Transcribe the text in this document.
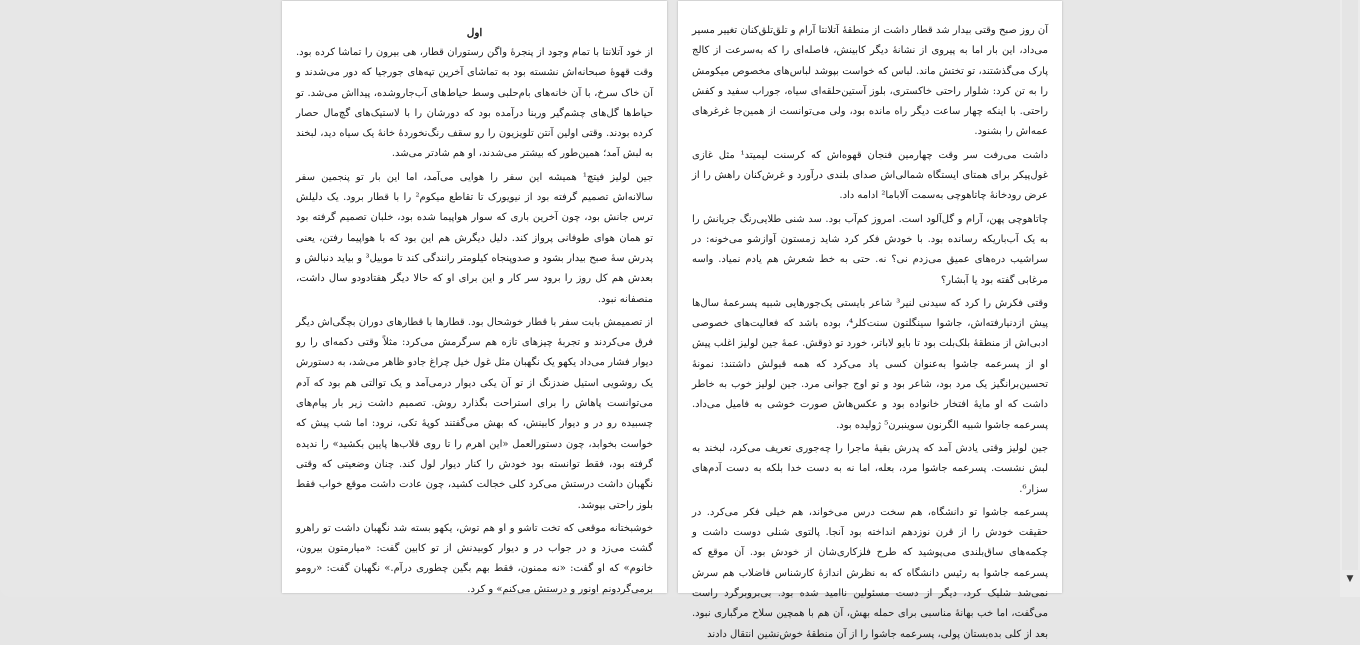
اول

از خود آتلانتا با تمام وجود از پنجرهٔ واگن رستوران قطار، هی بیرون را تماشا کرده بود. وقت قهوهٔ صبحانه‌اش نشسته بود به تماشای آخرین تپه‌های جورجیا که دور می‌شدند و آن خاک سرخ، با آن خانه‌های بام‌حلبی وسط حیاط‌های آب‌جارو‌شده، پیدااش می‌شد. تو حیاط‌ها گل‌های چشم‌گیر وربنا درآمده بود که دورشان را با لاستیک‌های گچ‌مال حصار کرده بودند. وقتی اولین آنتن تلویزیون را رو سقف رنگ‌نخوردهٔ خانهٔ یک سیاه دید، لبخند به لبش آمد؛ همین‌طور که بیشتر می‌شدند، او هم شادتر می‌شد.

جین لولیز فیتچ¹ همیشه این سفر را هوایی می‌آمد، اما این بار تو پنجمین سفر سالانه‌اش تصمیم گرفته بود از نیویورک تا تقاطع میکوم² را با قطار برود. یک دلیلش ترس جانش بود، چون آخرین باری که سوار هواپیما شده بود، خلبان تصمیم گرفته بود تو همان هوای طوفانی پرواز کند. دلیل دیگرش هم این بود که با هواپیما رفتن، یعنی پدرش سهٔ صبح بیدار بشود و صدوپنجاه کیلومتر رانندگی کند تا موبیل³ و بیاید دنبالش و بعدش هم کل روز را برود سر کار و این برای او که حالا دیگر هفتادودو سال داشت، منصفانه نبود.

از تصمیمش بابت سفر با قطار خوشحال بود. قطارها با قطارهای دوران بچگی‌اش دیگر فرق می‌کردند و تجربهٔ چیزهای تازه هم سرگرمش می‌کرد: مثلاً وقتی دکمه‌ای را رو دیوار فشار می‌داد یکهو یک نگهبان مثل غول خیل چراغ جادو ظاهر می‌شد، به دستورش یک روشویی استیل ضدزنگ از تو آن یکی دیوار درمی‌آمد و یک توالتی هم بود که آدم می‌توانست پاهاش را برای استراحت بگذارد روش. تصمیم داشت زیر بار پیام‌های چسبیده رو در و دیوار کابینش، که بهش می‌گفتند کوپهٔ تکی، نرود: اما شب پیش که خواست بخوابد، چون دستورالعمل «این اهرم را تا روی قلاب‌ها پایین بکشید» را ندیده گرفته بود، فقط توانسته بود خودش را کنار دیوار لول کند. چنان وضعیتی که وقتی نگهبان داشت درستش می‌کرد کلی خجالت کشید، چون عادت داشت موقع خواب فقط بلوز راحتی بپوشد.

خوشبختانه موقعی که تخت تاشو و او هم توش، یکهو بسته شد نگهبان داشت تو راهرو گشت می‌زد و در جواب در و دیوار کوبیدنش از تو کابین گفت: «میارمتون بیرون، خانوم» که او گفت: «نه ممنون، فقط بهم بگین چطوری درآم.» نگهبان گفت: «رومو برمی‌گردونم اونور و درستش می‌کنم» و کرد.

آن روز صبح وقتی بیدار شد قطار داشت از منطقهٔ آتلانتا آرام و تلق‌تلق‌کنان تغییر مسیر می‌داد، این بار اما به پیروی از نشانهٔ دیگر کابینش، فاصله‌ای را که به‌سرعت از کالج پارک می‌گذشتند، تو تختش ماند. لباس که خواست بپوشد لباس‌های مخصوص میکومش را به تن کرد: شلوار راحتی خاکستری، بلوز آستین‌حلقه‌ای سیاه، جوراب سفید و کفش راحتی. با اینکه چهار ساعت دیگر راه مانده بود، ولی می‌توانست از همین‌جا غرغرهای عمه‌اش را بشنود.

داشت می‌رفت سر وقت چهارمین فنجان قهوه‌اش که کرسنت لیمیتد¹ مثل غازی غول‌پیکر برای همتای ایستگاه شمالی‌اش صدای بلندی درآورد و غرش‌کنان راهش را از عرض رودخانهٔ چاتاهوچی به‌سمت آلاباما² ادامه داد.

چاتاهوچی پهن، آرام و گل‌آلود است. امروز کم‌آب بود. سد شنی طلایی‌رنگ جریانش را به یک آب‌باریکه رسانده بود. با خودش فکر کرد شاید زمستون آوازشو می‌خونه: در سراشیب دره‌های عمیق می‌زدم نی؟ نه. حتی به خط شعرش هم یادم نمیاد. واسه مرغابی گفته بود یا آبشار؟

وقتی فکرش را کرد که سیدنی لنیر³ شاعر بایستی یک‌جورهایی شبیه پسرعمهٔ سال‌ها پیش ازدنیارفته‌اش، جاشوا سینگلتون سنت‌کلر⁴، بوده باشد که فعالیت‌های خصوصی ادبی‌اش از منطقهٔ بلک‌بلت بود تا بایو لاباتر، خورد تو ذوقش. عمهٔ جین لولیز اغلب پیش او از پسرعمه جاشوا به‌عنوان کسی یاد می‌کرد که همه قبولش داشتند: نمونهٔ تحسین‌برانگیز یک مرد بود، شاعر بود و تو اوج جوانی مرد. جین لولیز خوب به خاطر داشت که او مایهٔ افتخار خانواده بود و عکس‌هاش صورت خوشی به فامیل می‌داد. پسرعمه جاشوا شبیه الگرنون سوینبرن⁵ ژولیده بود.

جین لولیز وقتی یادش آمد که پدرش بقیهٔ ماجرا را چه‌جوری تعریف می‌کرد، لبخند به لبش نشست. پسرعمه جاشوا مرد، بعله، اما نه به دست خدا بلکه به دست آدم‌های سزار⁶.

پسرعمه جاشوا تو دانشگاه، هم سخت درس می‌خواند، هم خیلی فکر می‌کرد. در حقیقت خودش را از قرن نوزدهم انداخته بود آنجا. پالتوی شنلی دوست داشت و چکمه‌های ساق‌بلندی می‌پوشید که طرح فلزکاری‌شان از خودش بود. آن موقع که پسرعمه جاشوا به رئیس دانشگاه که به نظرش اندازهٔ کارشناس فاضلاب هم سرش نمی‌شد شلیک کرد، دیگر از دست مسئولین ناامید شده بود. بی‌بروبرگرد راست می‌گفت، اما خب بهانهٔ مناسبی برای حمله بهش، آن هم با همچین سلاح مرگباری نبود. بعد از کلی بده‌بستان پولی، پسرعمه جاشوا را از آن منطقهٔ خوش‌نشین انتقال دادند

▼
